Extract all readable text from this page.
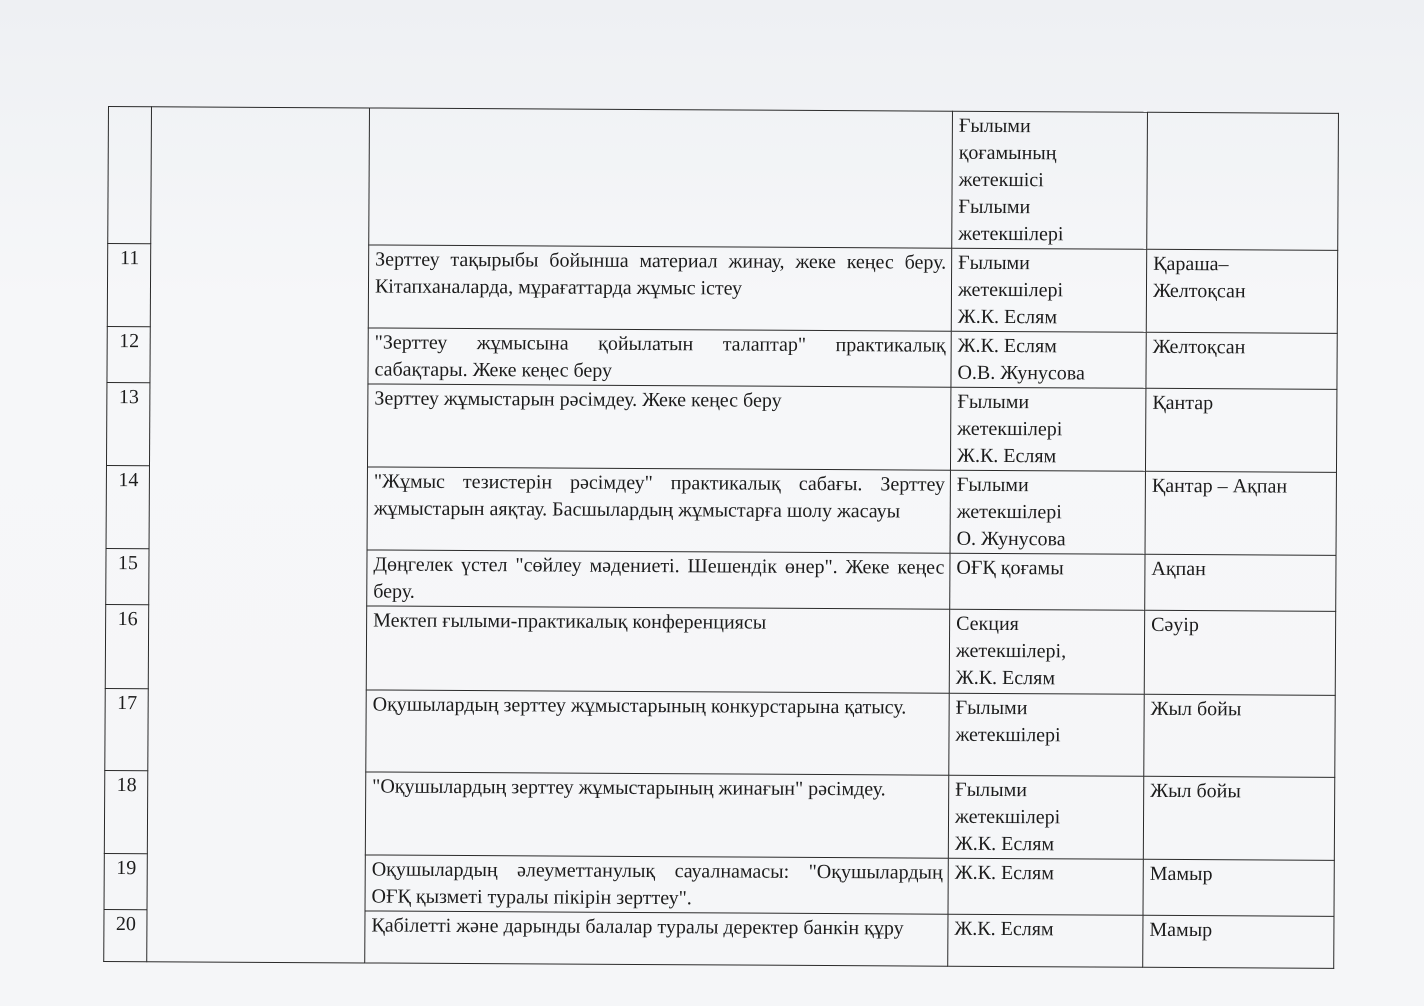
			Ғылыми
қоғамының
жетекшісі
Ғылыми
жетекшілері	

11		Зерттеу тақырыбы бойынша материал жинау, жеке кеңес беру. Кітапханаларда, мұрағаттарда жұмыс істеу	Ғылыми
жетекшілері
Ж.К. Еслям	Қараша–
Желтоқсан

12		"Зерттеу жұмысына қойылатын талаптар" практикалық сабақтары. Жеке кеңес беру	Ж.К. Еслям
О.В. Жунусова	Желтоқсан

13		Зерттеу жұмыстарын рәсімдеу. Жеке кеңес беру	Ғылыми
жетекшілері
Ж.К. Еслям	Қантар

14		"Жұмыс тезистерін рәсімдеу" практикалық сабағы. Зерттеу жұмыстарын аяқтау. Басшылардың жұмыстарға шолу жасауы	Ғылыми
жетекшілері
О. Жунусова	Қантар – Ақпан

15		Дөңгелек үстел "сөйлеу мәдениеті. Шешендік өнер". Жеке кеңес беру.	ОҒҚ қоғамы	Ақпан

16		Мектеп ғылыми-практикалық конференциясы	Секция
жетекшілері,
Ж.К. Еслям	Сәуір

17		Оқушылардың зерттеу жұмыстарының конкурстарына қатысу.	Ғылыми
жетекшілері	Жыл бойы

18		"Оқушылардың зерттеу жұмыстарының жинағын" рәсімдеу.	Ғылыми
жетекшілері
Ж.К. Еслям	Жыл бойы

19		Оқушылардың әлеуметтанулық сауалнамасы: "Оқушылардың ОҒҚ қызметі туралы пікірін зерттеу".	Ж.К. Еслям	Мамыр

20		Қабілетті және дарынды балалар туралы деректер банкін құру	Ж.К. Еслям	Мамыр
